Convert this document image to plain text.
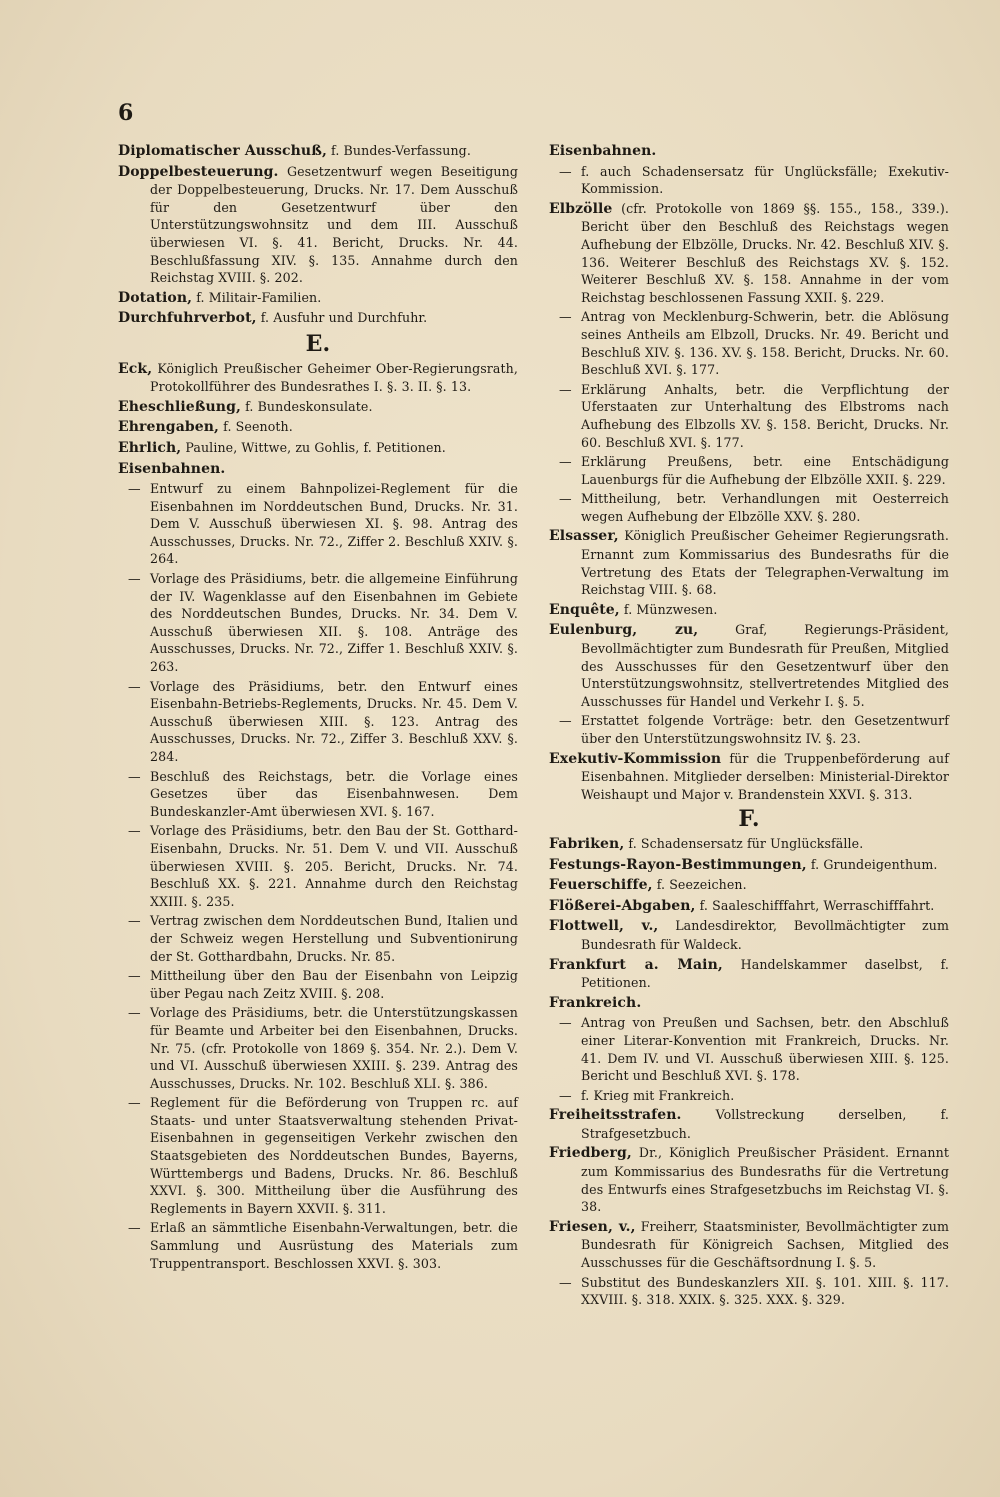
6
Diplomatischer Ausschuß, f. Bundes-Verfassung.
Doppelbesteuerung. Gesetzentwurf wegen Beseitigung der Doppelbesteuerung, Drucks. Nr. 17. Dem Ausschuß für den Gesetzentwurf über den Unterstützungswohnsitz und dem III. Ausschuß überwiesen VI. §. 41. Bericht, Drucks. Nr. 44. Beschlußfassung XIV. §. 135. Annahme durch den Reichstag XVIII. §. 202.
Dotation, f. Militair-Familien.
Durchfuhrverbot, f. Ausfuhr und Durchfuhr.
E.
Eck, Königlich Preußischer Geheimer Ober-Regierungsrath, Protokollführer des Bundesrathes I. §. 3. II. §. 13.
Eheschließung, f. Bundeskonsulate.
Ehrengaben, f. Seenoth.
Ehrlich, Pauline, Wittwe, zu Gohlis, f. Petitionen.
Eisenbahnen.
— Entwurf zu einem Bahnpolizei-Reglement für die Eisenbahnen im Norddeutschen Bund, Drucks. Nr. 31. Dem V. Ausschuß überwiesen XI. §. 98. Antrag des Ausschusses, Drucks. Nr. 72., Ziffer 2. Beschluß XXIV. §. 264.
— Vorlage des Präsidiums, betr. die allgemeine Einführung der IV. Wagenklasse auf den Eisenbahnen im Gebiete des Norddeutschen Bundes, Drucks. Nr. 34. Dem V. Ausschuß überwiesen XII. §. 108. Anträge des Ausschusses, Drucks. Nr. 72., Ziffer 1. Beschluß XXIV. §. 263.
— Vorlage des Präsidiums, betr. den Entwurf eines Eisenbahn-Betriebs-Reglements, Drucks. Nr. 45. Dem V. Ausschuß überwiesen XIII. §. 123. Antrag des Ausschusses, Drucks. Nr. 72., Ziffer 3. Beschluß XXV. §. 284.
— Beschluß des Reichstags, betr. die Vorlage eines Gesetzes über das Eisenbahnwesen. Dem Bundeskanzler-Amt überwiesen XVI. §. 167.
— Vorlage des Präsidiums, betr. den Bau der St. Gotthard-Eisenbahn, Drucks. Nr. 51. Dem V. und VII. Ausschuß überwiesen XVIII. §. 205. Bericht, Drucks. Nr. 74. Beschluß XX. §. 221. Annahme durch den Reichstag XXIII. §. 235.
— Vertrag zwischen dem Norddeutschen Bund, Italien und der Schweiz wegen Herstellung und Subventionirung der St. Gotthardbahn, Drucks. Nr. 85.
— Mittheilung über den Bau der Eisenbahn von Leipzig über Pegau nach Zeitz XVIII. §. 208.
— Vorlage des Präsidiums, betr. die Unterstützungskassen für Beamte und Arbeiter bei den Eisenbahnen, Drucks. Nr. 75. (cfr. Protokolle von 1869 §. 354. Nr. 2.). Dem V. und VI. Ausschuß überwiesen XXIII. §. 239. Antrag des Ausschusses, Drucks. Nr. 102. Beschluß XLI. §. 386.
— Reglement für die Beförderung von Truppen rc. auf Staats- und unter Staatsverwaltung stehenden Privat-Eisenbahnen in gegenseitigen Verkehr zwischen den Staatsgebieten des Norddeutschen Bundes, Bayerns, Württembergs und Badens, Drucks. Nr. 86. Beschluß XXVI. §. 300. Mittheilung über die Ausführung des Reglements in Bayern XXVII. §. 311.
— Erlaß an sämmtliche Eisenbahn-Verwaltungen, betr. die Sammlung und Ausrüstung des Materials zum Truppentransport. Beschlossen XXVI. §. 303.
Eisenbahnen.
— f. auch Schadensersatz für Unglücksfälle; Exekutiv-Kommission.
Elbzölle (cfr. Protokolle von 1869 §§. 155., 158., 339.). Bericht über den Beschluß des Reichstags wegen Aufhebung der Elbzölle, Drucks. Nr. 42. Beschluß XIV. §. 136. Weiterer Beschluß des Reichstags XV. §. 152. Weiterer Beschluß XV. §. 158. Annahme in der vom Reichstag beschlossenen Fassung XXII. §. 229.
— Antrag von Mecklenburg-Schwerin, betr. die Ablösung seines Antheils am Elbzoll, Drucks. Nr. 49. Bericht und Beschluß XIV. §. 136. XV. §. 158. Bericht, Drucks. Nr. 60. Beschluß XVI. §. 177.
— Erklärung Anhalts, betr. die Verpflichtung der Uferstaaten zur Unterhaltung des Elbstroms nach Aufhebung des Elbzolls XV. §. 158. Bericht, Drucks. Nr. 60. Beschluß XVI. §. 177.
— Erklärung Preußens, betr. eine Entschädigung Lauenburgs für die Aufhebung der Elbzölle XXII. §. 229.
— Mittheilung, betr. Verhandlungen mit Oesterreich wegen Aufhebung der Elbzölle XXV. §. 280.
Elsasser, Königlich Preußischer Geheimer Regierungsrath. Ernannt zum Kommissarius des Bundesraths für die Vertretung des Etats der Telegraphen-Verwaltung im Reichstag VIII. §. 68.
Enquête, f. Münzwesen.
Eulenburg, zu,	Graf, Regierungs-Präsident, Bevollmächtigter zum Bundesrath für Preußen, Mitglied des Ausschusses für den Gesetzentwurf über den Unterstützungswohnsitz, stellvertretendes Mitglied des Ausschusses für Handel und Verkehr I. §. 5.
— Erstattet folgende Vorträge: betr. den Gesetzentwurf über den Unterstützungswohnsitz IV. §. 23.
Exekutiv-Kommission für die Truppenbeförderung auf Eisenbahnen. Mitglieder derselben: Ministerial-Direktor Weishaupt und Major v. Brandenstein XXVI. §. 313.
F.
Fabriken, f. Schadensersatz für Unglücksfälle.
Festungs-Rayon-Bestimmungen, f. Grundeigenthum.
Feuerschiffe, f. Seezeichen.
Flößerei-Abgaben, f. Saaleschifffahrt, Werraschifffahrt.
Flottwell, v., Landesdirektor, Bevollmächtigter zum Bundesrath für Waldeck.
Frankfurt a. Main, Handelskammer daselbst, f. Petitionen.
Frankreich.
— Antrag von Preußen und Sachsen, betr. den Abschluß einer Literar-Konvention mit Frankreich, Drucks. Nr. 41. Dem IV. und VI. Ausschuß überwiesen XIII. §. 125. Bericht und Beschluß XVI. §. 178.
— f. Krieg mit Frankreich.
Freiheitsstrafen.	Vollstreckung derselben, f. Strafgesetzbuch.
Friedberg, Dr., Königlich Preußischer Präsident. Ernannt zum Kommissarius des Bundesraths für die Vertretung des Entwurfs eines Strafgesetzbuchs im Reichstag VI. §. 38.
Friesen, v., Freiherr, Staatsminister, Bevollmächtigter zum Bundesrath für Königreich Sachsen, Mitglied des Ausschusses für die Geschäftsordnung I. §. 5.
— Substitut des Bundeskanzlers XII. §. 101. XIII. §. 117. XXVIII. §. 318. XXIX. §. 325. XXX. §. 329.
